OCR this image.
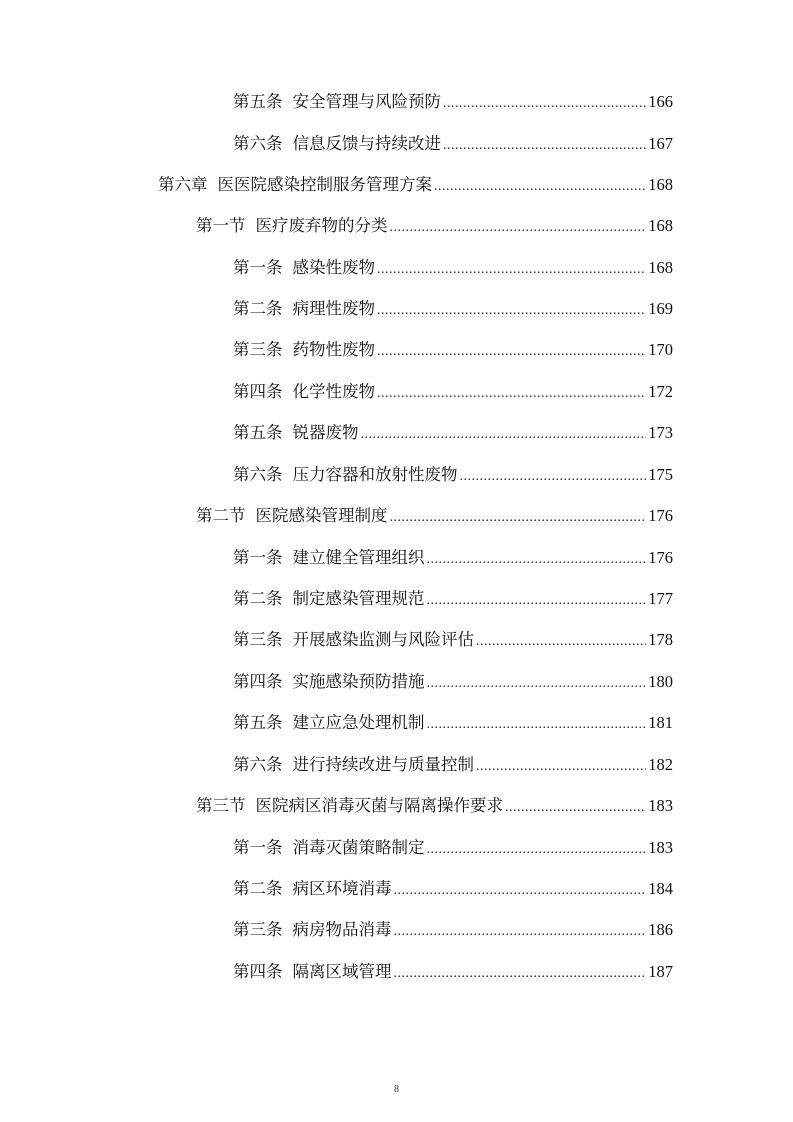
第五条 安全管理与风险预防 .....	166
第六条 信息反馈与持续改进 .....	167
第六章 医医院感染控制服务管理方案 .....	168
第一节 医疗废弃物的分类 .....	168
第一条 感染性废物 .....	168
第二条 病理性废物 .....	169
第三条 药物性废物 .....	170
第四条 化学性废物 .....	172
第五条 锐器废物 .....	173
第六条 压力容器和放射性废物 .....	175
第二节 医院感染管理制度 .....	176
第一条 建立健全管理组织 .....	176
第二条 制定感染管理规范 .....	177
第三条 开展感染监测与风险评估 .....	178
第四条 实施感染预防措施 .....	180
第五条 建立应急处理机制 .....	181
第六条 进行持续改进与质量控制 .....	182
第三节 医院病区消毒灭菌与隔离操作要求 .....	183
第一条 消毒灭菌策略制定 .....	183
第二条 病区环境消毒 .....	184
第三条 病房物品消毒 .....	186
第四条 隔离区域管理 .....	187
8
